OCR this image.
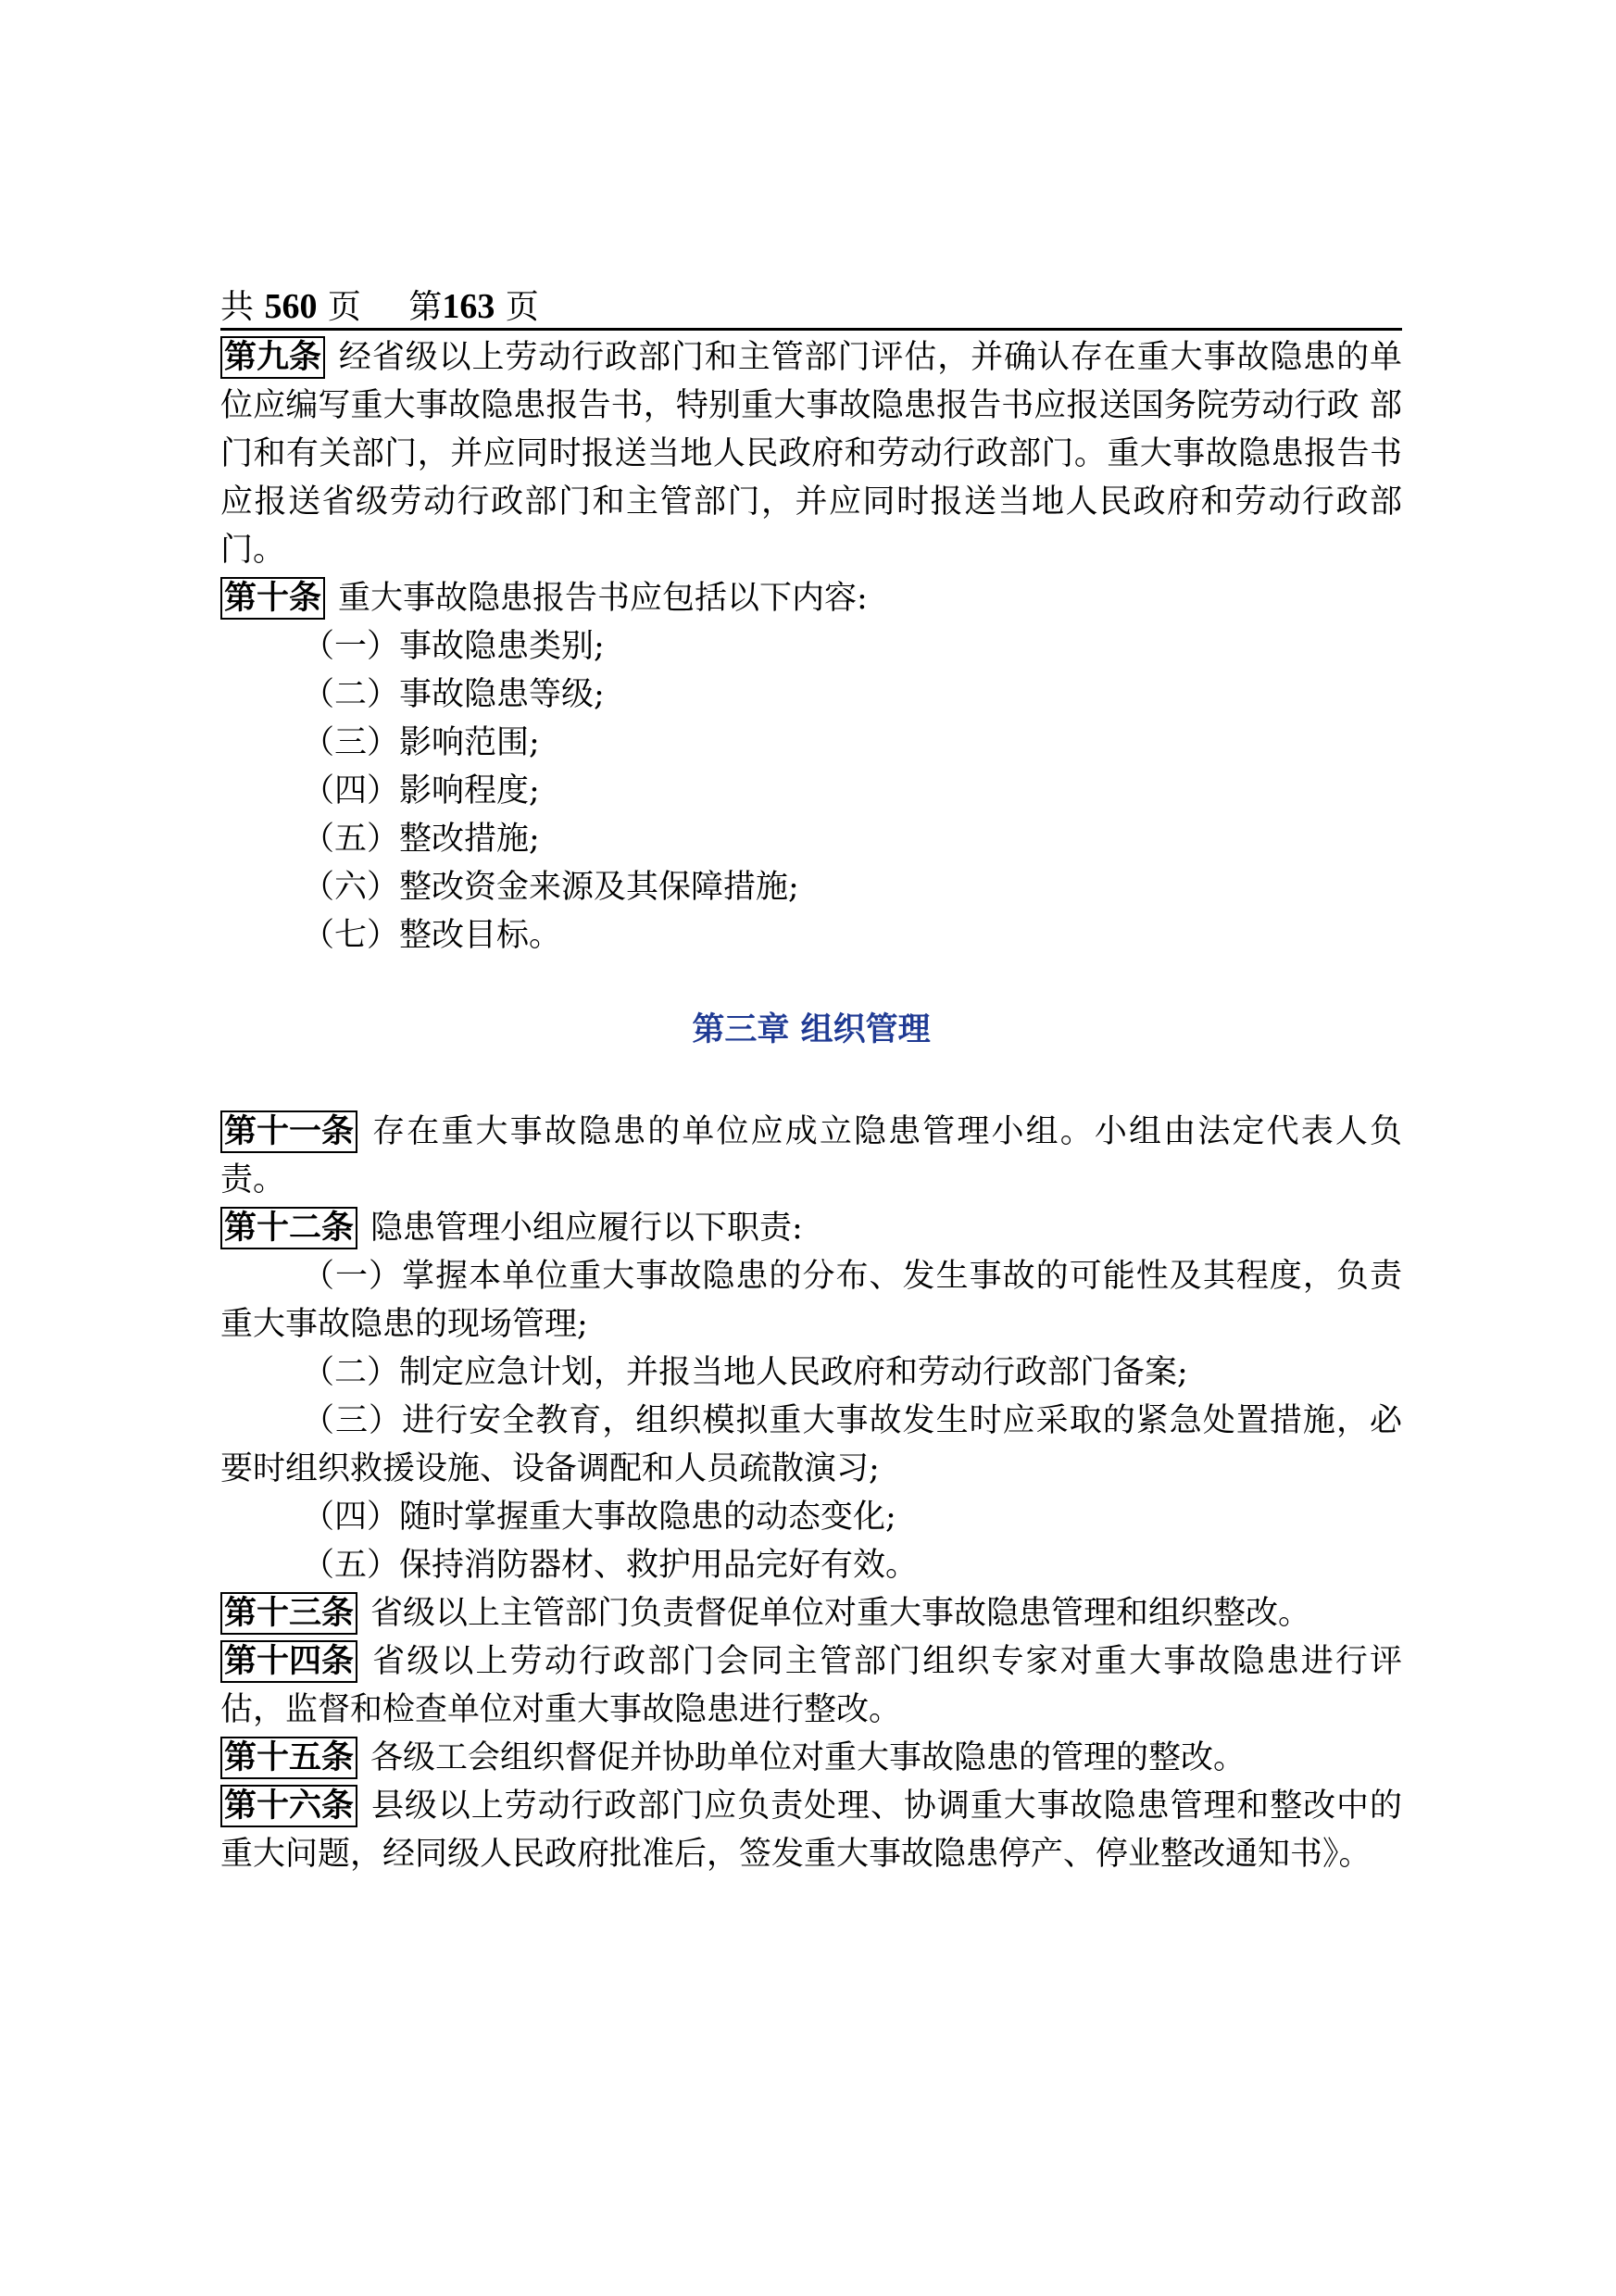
共 560 页 第163 页

第九条 经省级以上劳动行政部门和主管部门评估，并确认存在重大事故隐患的单位应编写重大事故隐患报告书，特别重大事故隐患报告书应报送国务院劳动行政 部门和有关部门，并应同时报送当地人民政府和劳动行政部门。重大事故隐患报告书应报送省级劳动行政部门和主管部门，并应同时报送当地人民政府和劳动行政部 门。

第十条 重大事故隐患报告书应包括以下内容:

（一）事故隐患类别;

（二）事故隐患等级;

（三）影响范围;

（四）影响程度;

（五）整改措施;

（六）整改资金来源及其保障措施;

（七）整改目标。

第三章 组织管理

第十一条 存在重大事故隐患的单位应成立隐患管理小组。小组由法定代表人负责。

第十二条 隐患管理小组应履行以下职责:

（一）掌握本单位重大事故隐患的分布、发生事故的可能性及其程度，负责重大事故隐患的现场管理;

（二）制定应急计划，并报当地人民政府和劳动行政部门备案;

（三）进行安全教育，组织模拟重大事故发生时应采取的紧急处置措施，必要时组织救援设施、设备调配和人员疏散演习;

（四）随时掌握重大事故隐患的动态变化;

（五）保持消防器材、救护用品完好有效。

第十三条 省级以上主管部门负责督促单位对重大事故隐患管理和组织整改。

第十四条 省级以上劳动行政部门会同主管部门组织专家对重大事故隐患进行评估，监督和检查单位对重大事故隐患进行整改。

第十五条 各级工会组织督促并协助单位对重大事故隐患的管理的整改。

第十六条 县级以上劳动行政部门应负责处理、协调重大事故隐患管理和整改中的重大问题，经同级人民政府批准后，签发重大事故隐患停产、停业整改通知书》。
